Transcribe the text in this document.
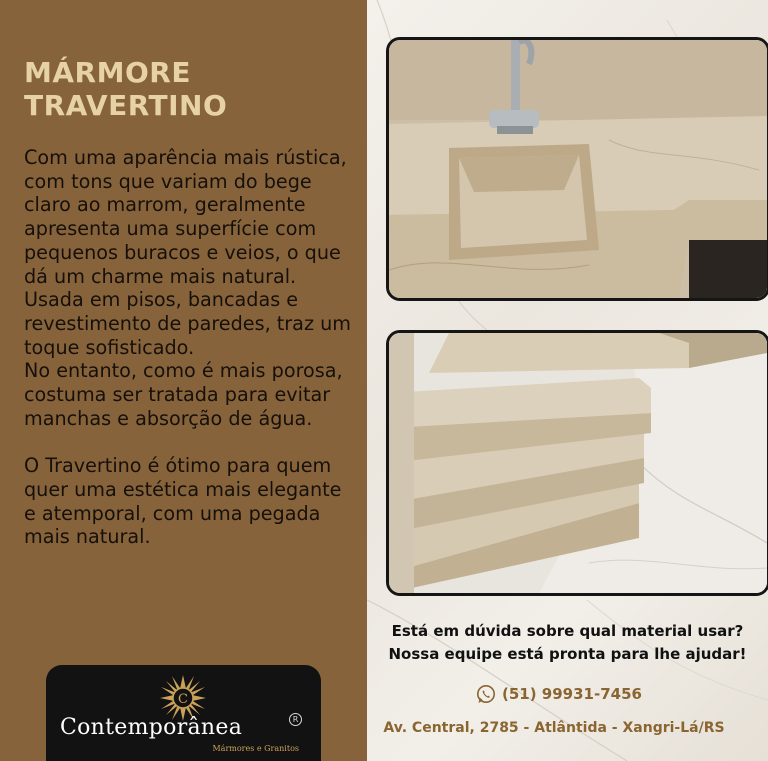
MÁRMORE
TRAVERTINO

Com uma aparência mais rústica, com tons que variam do bege claro ao marrom, geralmente apresenta uma superfície com pequenos buracos e veios, o que dá um charme mais natural.

Usada em pisos, bancadas e revestimento de paredes, traz um toque sofisticado.

No entanto, como é mais porosa, costuma ser tratada para evitar manchas e absorção de água.

O Travertino é ótimo para quem quer uma estética mais elegante e atemporal, com uma pegada mais natural.

C
Contemporânea	R
Mármores e Granitos

Está em dúvida sobre qual material usar?

Nossa equipe está pronta para lhe ajudar!

(51) 99931-7456
Av. Central, 2785 - Atlântida - Xangri-Lá/RS
